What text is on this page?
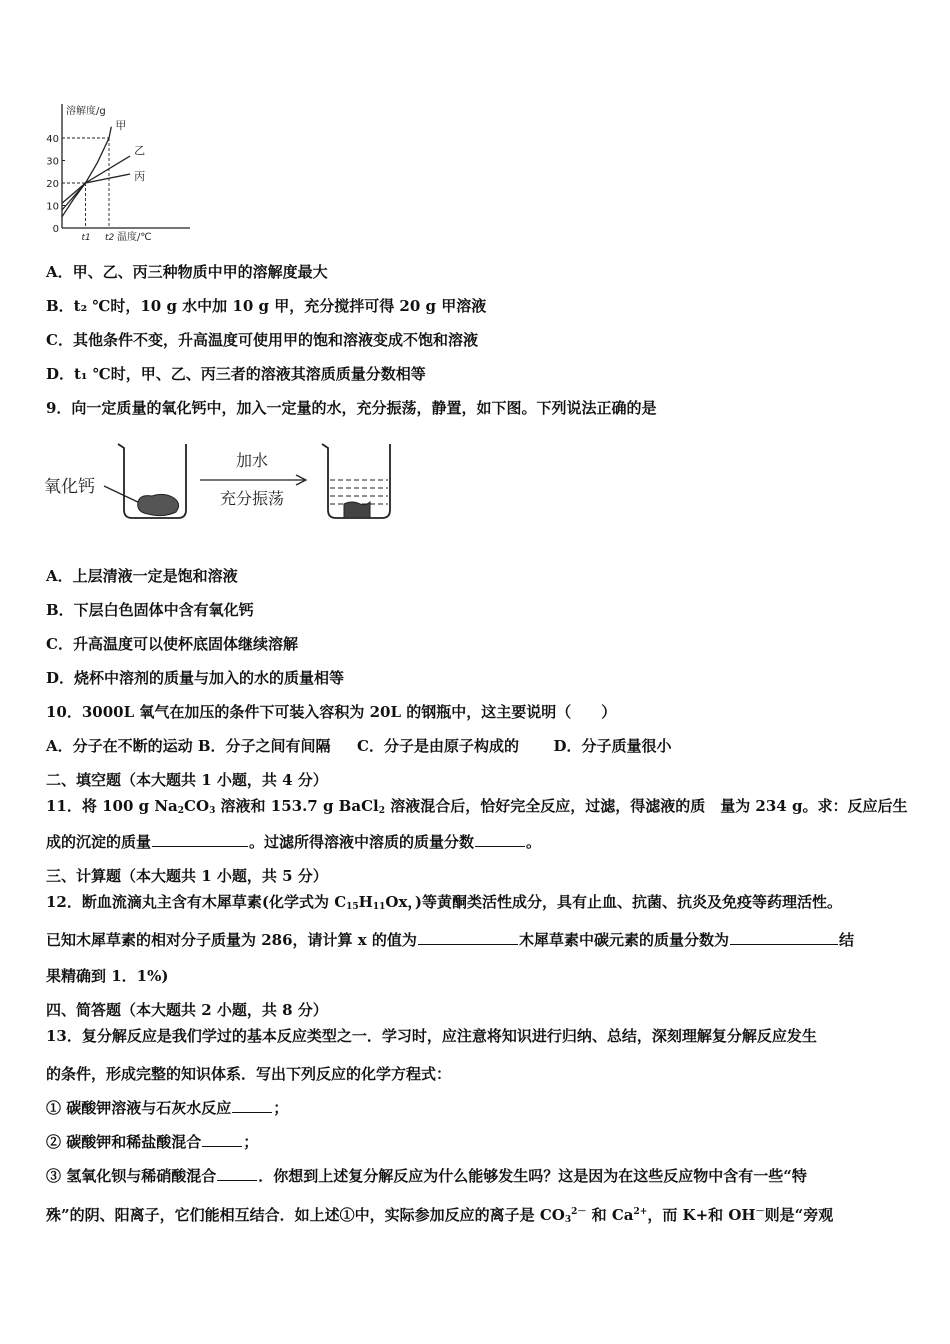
溶解度/g
0
10
20
30
40
t1 t2 温度/℃
甲
乙
丙
A．甲、乙、丙三种物质中甲的溶解度最大
B．t₂ ℃时，10 g 水中加 10 g 甲，充分搅拌可得 20 g 甲溶液
C．其他条件不变，升高温度可使用甲的饱和溶液变成不饱和溶液
D．t₁ ℃时，甲、乙、丙三者的溶液其溶质质量分数相等
9．向一定质量的氧化钙中，加入一定量的水，充分振荡，静置，如下图。下列说法正确的是
氧化钙
加水
充分振荡
A．上层清液一定是饱和溶液
B．下层白色固体中含有氧化钙
C．升高温度可以使杯底固体继续溶解
D．烧杯中溶剂的质量与加入的水的质量相等
10．3000L 氧气在加压的条件下可装入容积为 20L 的钢瓶中，这主要说明（　　）
A．分子在不断的运动 B．分子之间有间隔 C．分子是由原子构成的 D．分子质量很小
二、填空题（本大题共 1 小题，共 4 分）
11．将 100 g $Na_2CO_3$ 溶液和 153.7 g BaCl$_2$ 溶液混合后，恰好完全反应，过滤，得滤液的质　量为 234 g。求：反应后生
成的沉淀的质量	。过滤所得溶液中溶质的质量分数	。
三、计算题（本大题共 1 小题，共 5 分）
12．断血流滴丸主含有木犀草素(化学式为 $C_{15}H_{11}Ox$，)等黄酮类活性成分，具有止血、抗菌、抗炎及免疫等药理活性。
已知木犀草素的相对分子质量为 286，请计算 x 的值为	木犀草素中碳元素的质量分数为	结
果精确到 1．1%)
四、简答题（本大题共 2 小题，共 8 分）
13．复分解反应是我们学过的基本反应类型之一．学习时，应注意将知识进行归纳、总结，深刻理解复分解反应发生
的条件，形成完整的知识体系．写出下列反应的化学方程式：
① 碳酸钾溶液与石灰水反应	；
② 碳酸钾和稀盐酸混合	；
③ 氢氧化钡与稀硝酸混合	．你想到上述复分解反应为什么能够发生吗？这是因为在这些反应物中含有一些“特
殊”的阴、阳离子，它们能相互结合．如上述①中，实际参加反应的离子是 $CO_3^{2-}$ 和 $Ca^{2+}$，而 K+和 OH－则是“旁观
